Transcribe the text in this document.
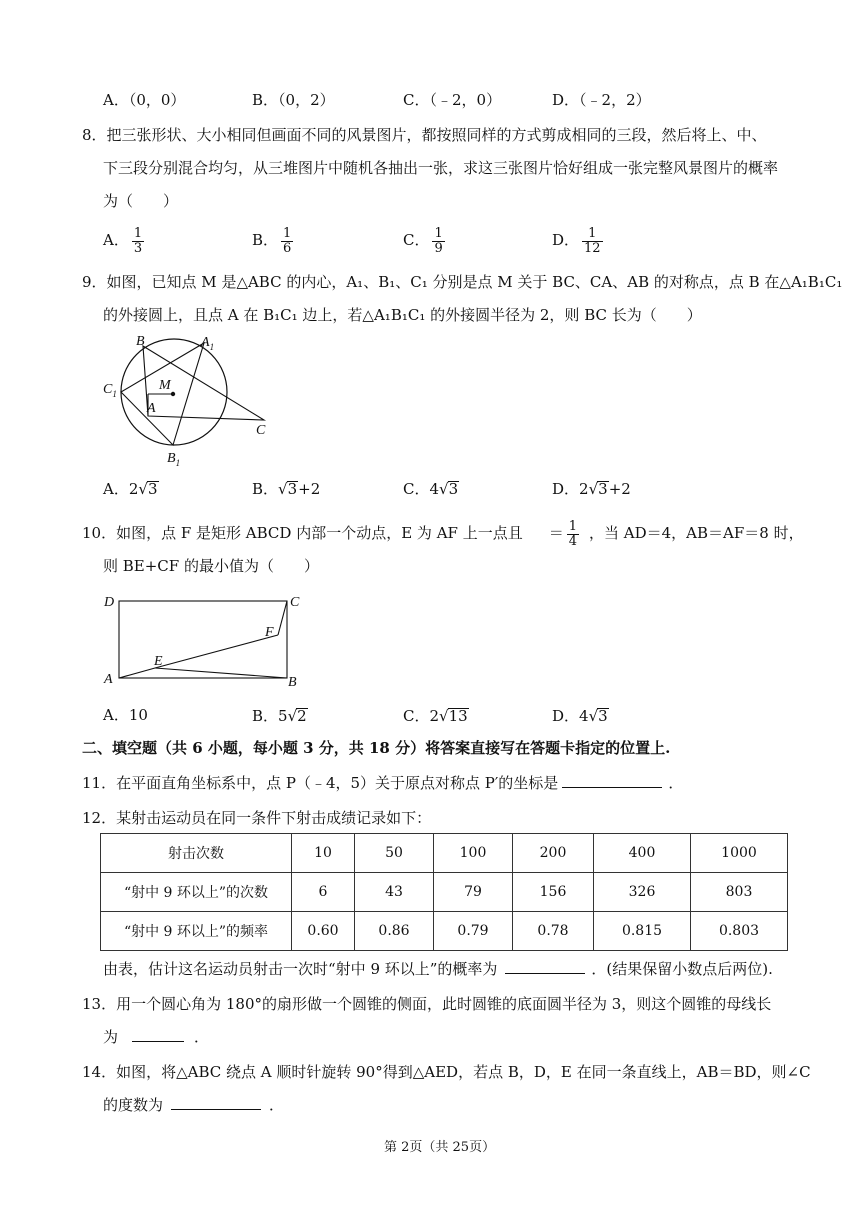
A．（0，0）	B．（0，2）	C．（﹣2，0）	D．（﹣2，2）
8．把三张形状、大小相同但画面不同的风景图片，都按照同样的方式剪成相同的三段，然后将上、中、
下三段分别混合均匀，从三堆图片中随机各抽出一张，求这三张图片恰好组成一张完整风景图片的概率
为（　　）
A． $\frac{1}{3}$	B． $\frac{1}{6}$	C． $\frac{1}{9}$	D． $\frac{1}{12}$
9．如图，已知点 M 是△ABC 的内心，A₁、B₁、C₁ 分别是点 M 关于 BC、CA、AB 的对称点，点 B 在△A₁B₁C₁
的外接圆上，且点 A 在 B₁C₁ 边上，若△A₁B₁C₁ 的外接圆半径为 2，则 BC 长为（　　）
B	$A_1$
$C_1$
M
A
C
$B_1$
A．2√3	B．√3+2	C．4√3	D．2√3+2
10．如图，点 F 是矩形 ABCD 内部一个动点，E 为 AF 上一点且 ＝ $\frac{1}{4}$ ，当 AD＝4，AB＝AF＝8 时，
则 BE+CF 的最小值为（　　）
D	C
F
E
A	B
A．10	B．5√2	C．2√13	D．4√3
二、填空题（共 6 小题，每小题 3 分，共 18 分）将答案直接写在答题卡指定的位置上.
11．在平面直角坐标系中，点 P（﹣4，5）关于原点对称点 P′的坐标是	．
12．某射击运动员在同一条件下射击成绩记录如下：
射击次数	10	50	100	200	400	1000
“射中 9 环以上”的次数	6	43	79	156	326	803
“射中 9 环以上”的频率	0.60	0.86	0.79	0.78	0.815	0.803
由表，估计这名运动员射击一次时“射中 9 环以上”的概率为	．(结果保留小数点后两位).
13．用一个圆心角为 180°的扇形做一个圆锥的侧面，此时圆锥的底面圆半径为 3，则这个圆锥的母线长
为	．
14．如图，将△ABC 绕点 A 顺时针旋转 90°得到△AED，若点 B，D，E 在同一条直线上，AB＝BD，则∠C
的度数为	．
第 2页（共 25页）
